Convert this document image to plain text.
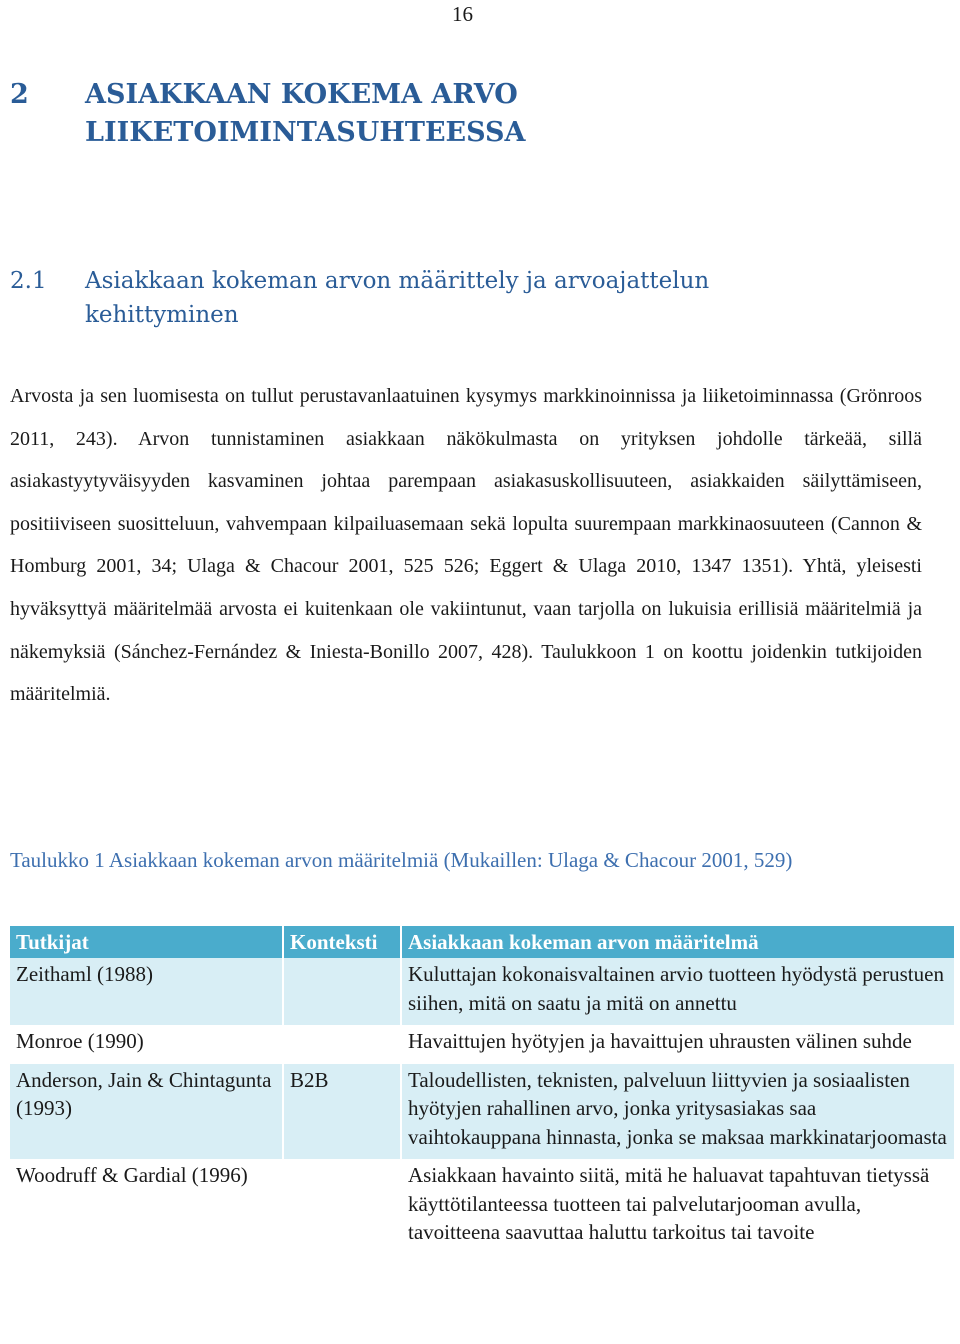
16
2 ASIAKKAAN KOKEMA ARVO
LIIKETOIMINTASUHTEESSA
2.1 Asiakkaan kokeman arvon määrittely ja arvoajattelun
kehittyminen

Arvosta ja sen luomisesta on tullut perustavanlaatuinen kysymys markkinoinnissa ja liiketoiminnassa (Grönroos 2011, 243). Arvon tunnistaminen asiakkaan näkökulmasta on yrityksen johdolle tärkeää, sillä asiakastyytyväisyyden kasvaminen johtaa parempaan asiakasuskollisuuteen, asiakkaiden säilyttämiseen, positiiviseen suositteluun, vahvempaan kilpailuasemaan sekä lopulta suurempaan markkinaosuuteen (Cannon & Homburg 2001, 34; Ulaga & Chacour 2001, 525 526; Eggert & Ulaga 2010, 1347 1351). Yhtä, yleisesti hyväksyttyä määritelmää arvosta ei kuitenkaan ole vakiintunut, vaan tarjolla on lukuisia erillisiä määritelmiä ja näkemyksiä (Sánchez-Fernández & Iniesta-Bonillo 2007, 428). Taulukkoon 1 on koottu joidenkin tutkijoiden määritelmiä.

Taulukko 1 Asiakkaan kokeman arvon määritelmiä (Mukaillen: Ulaga & Chacour 2001, 529)

Tutkijat	Konteksti	Asiakkaan kokeman arvon määritelmä
Zeithaml (1988)		Kuluttajan kokonaisvaltainen arvio tuotteen hyödystä perustuen siihen, mitä on saatu ja mitä on annettu
Monroe (1990)		Havaittujen hyötyjen ja havaittujen uhrausten välinen suhde
Anderson, Jain & Chintagunta (1993)	B2B	Taloudellisten, teknisten, palveluun liittyvien ja sosiaalisten hyötyjen rahallinen arvo, jonka yritysasiakas saa vaihtokauppana hinnasta, jonka se maksaa markkinatarjoomasta
Woodruff & Gardial (1996)		Asiakkaan havainto siitä, mitä he haluavat tapahtuvan tietyssä käyttötilanteessa tuotteen tai palvelutarjooman avulla, tavoitteena saavuttaa haluttu tarkoitus tai tavoite
